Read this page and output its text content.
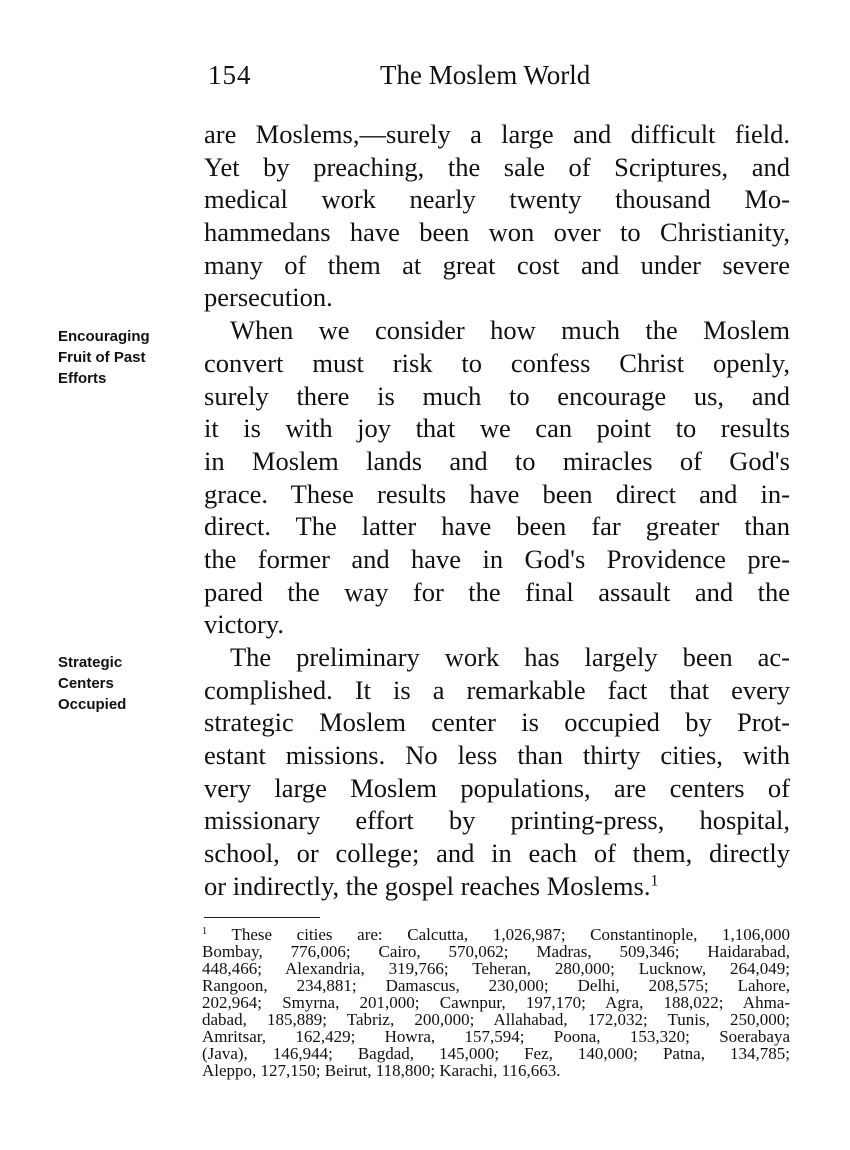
154	The Moslem World
Encouraging
Fruit of Past
Efforts
Strategic
Centers
Occupied
are Moslems,—surely a large and difficult field.
Yet by preaching, the sale of Scriptures, and
medical work nearly twenty thousand Mo-
hammedans have been won over to Christianity,
many of them at great cost and under severe
persecution.
When we consider how much the Moslem
convert must risk to confess Christ openly,
surely there is much to encourage us, and
it is with joy that we can point to results
in Moslem lands and to miracles of God's
grace. These results have been direct and in-
direct. The latter have been far greater than
the former and have in God's Providence pre-
pared the way for the final assault and the
victory.
The preliminary work has largely been ac-
complished. It is a remarkable fact that every
strategic Moslem center is occupied by Prot-
estant missions. No less than thirty cities, with
very large Moslem populations, are centers of
missionary effort by printing-press, hospital,
school, or college; and in each of them, directly
or indirectly, the gospel reaches Moslems.$^1$
$^1$ These cities are: Calcutta, 1,026,987; Constantinople, 1,106,000
Bombay, 776,006; Cairo, 570,062; Madras, 509,346; Haidarabad,
448,466; Alexandria, 319,766; Teheran, 280,000; Lucknow, 264,049;
Rangoon, 234,881; Damascus, 230,000; Delhi, 208,575; Lahore,
202,964; Smyrna, 201,000; Cawnpur, 197,170; Agra, 188,022; Ahma-
dabad, 185,889; Tabriz, 200,000; Allahabad, 172,032; Tunis, 250,000;
Amritsar, 162,429; Howra, 157,594; Poona, 153,320; Soerabaya
(Java), 146,944; Bagdad, 145,000; Fez, 140,000; Patna, 134,785;
Aleppo, 127,150; Beirut, 118,800; Karachi, 116,663.
